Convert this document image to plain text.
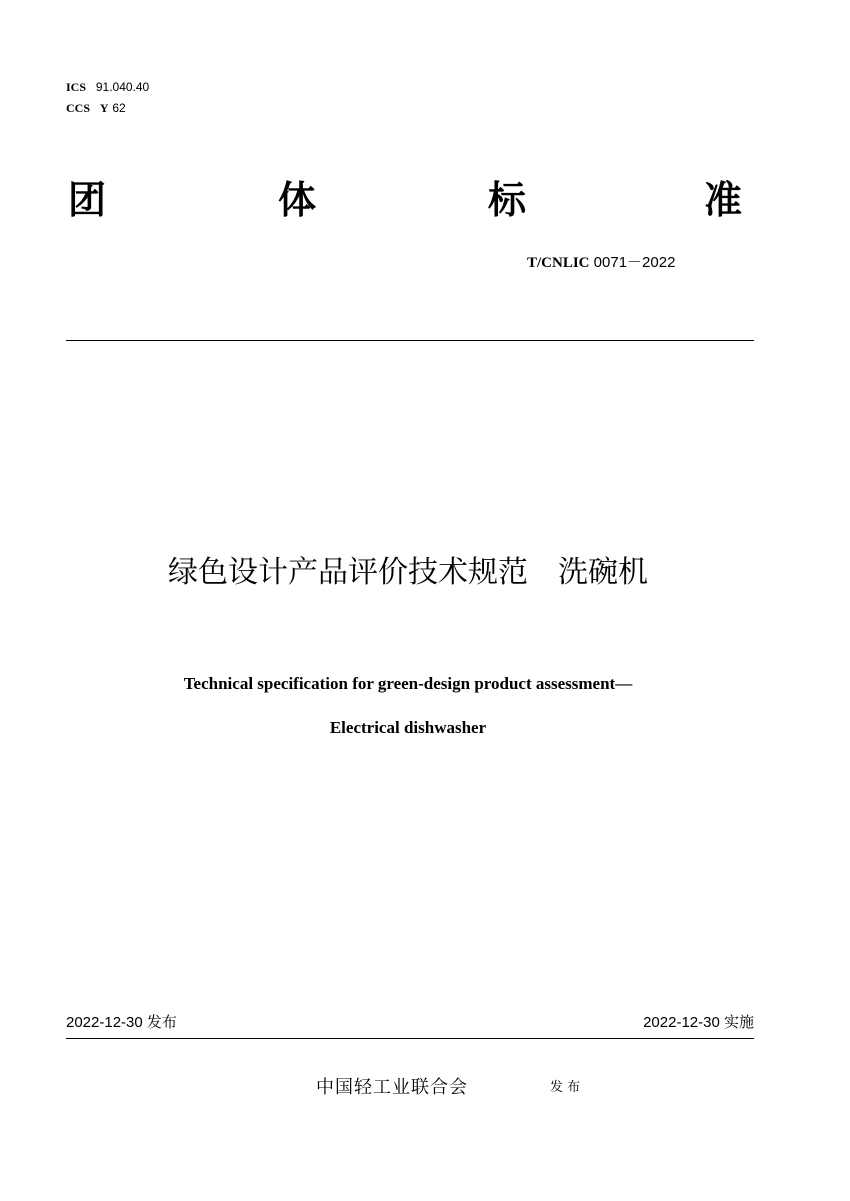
ICS 91.040.40
CCS Y 62
团	体	标	准
T/CNLIC 0071－2022
绿色设计产品评价技术规范　洗碗机
Technical specification for green-design product assessment—
Electrical dishwasher
2022-12-30 发布	2022-12-30 实施
中国轻工业联合会	发 布
